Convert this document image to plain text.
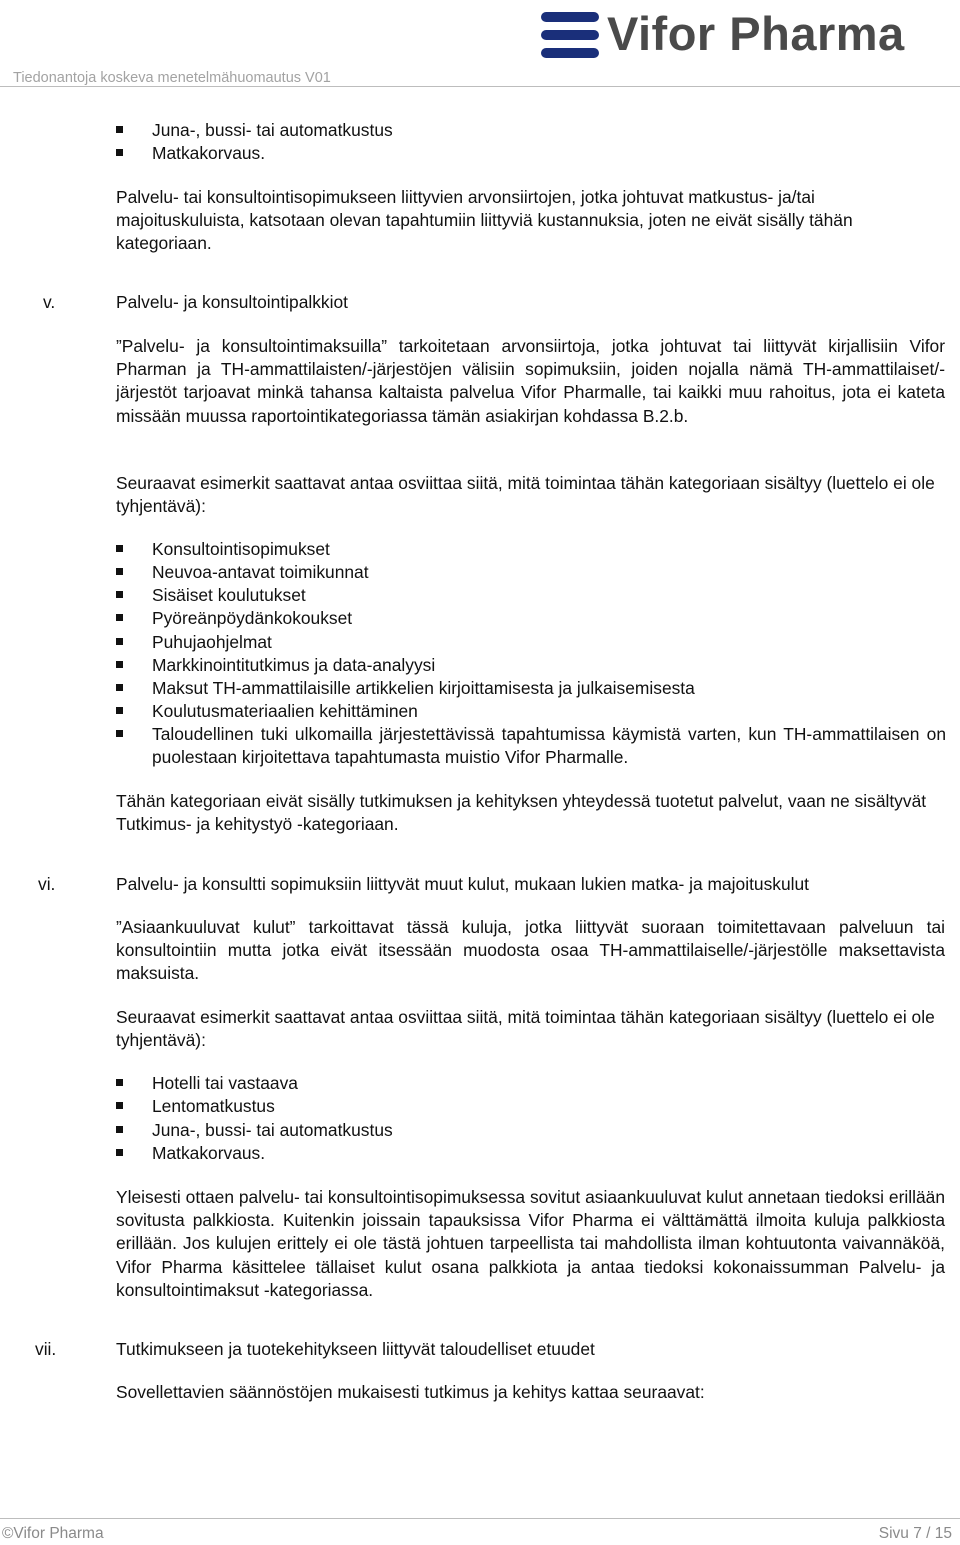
Tiedonantoja koskeva menetelmähuomautus V01
Vifor Pharma
Juna-, bussi- tai automatkustus
Matkakorvaus.
Palvelu- tai konsultointisopimukseen liittyvien arvonsiirtojen, jotka johtuvat matkustus- ja/tai majoituskuluista, katsotaan olevan tapahtumiin liittyviä kustannuksia, joten ne eivät sisälly tähän kategoriaan.
v.	Palvelu- ja konsultointipalkkiot
”Palvelu- ja konsultointimaksuilla” tarkoitetaan arvonsiirtoja, jotka johtuvat tai liittyvät kirjallisiin Vifor Pharman ja TH-ammattilaisten/-järjestöjen välisiin sopimuksiin, joiden nojalla nämä TH-ammattilaiset/-järjestöt tarjoavat minkä tahansa kaltaista palvelua Vifor Pharmalle, tai kaikki muu rahoitus, jota ei kateta missään muussa raportointikategoriassa tämän asiakirjan kohdassa B.2.b.
Seuraavat esimerkit saattavat antaa osviittaa siitä, mitä toimintaa tähän kategoriaan sisältyy (luettelo ei ole tyhjentävä):
Konsultointisopimukset
Neuvoa-antavat toimikunnat
Sisäiset koulutukset
Pyöreänpöydänkokoukset
Puhujaohjelmat
Markkinointitutkimus ja data-analyysi
Maksut TH-ammattilaisille artikkelien kirjoittamisesta ja julkaisemisesta
Koulutusmateriaalien kehittäminen
Taloudellinen tuki ulkomailla järjestettävissä tapahtumissa käymistä varten, kun TH-ammattilaisen on puolestaan kirjoitettava tapahtumasta muistio Vifor Pharmalle.
Tähän kategoriaan eivät sisälly tutkimuksen ja kehityksen yhteydessä tuotetut palvelut, vaan ne sisältyvät Tutkimus- ja kehitystyö -kategoriaan.
vi.	Palvelu- ja konsultti sopimuksiin liittyvät muut kulut, mukaan lukien matka- ja majoituskulut
”Asiaankuuluvat kulut” tarkoittavat tässä kuluja, jotka liittyvät suoraan toimitettavaan palveluun tai konsultointiin mutta jotka eivät itsessään muodosta osaa TH-ammattilaiselle/-järjestölle maksettavista maksuista.
Seuraavat esimerkit saattavat antaa osviittaa siitä, mitä toimintaa tähän kategoriaan sisältyy (luettelo ei ole tyhjentävä):
Hotelli tai vastaava
Lentomatkustus
Juna-, bussi- tai automatkustus
Matkakorvaus.
Yleisesti ottaen palvelu- tai konsultointisopimuksessa sovitut asiaankuuluvat kulut annetaan tiedoksi erillään sovitusta palkkiosta. Kuitenkin joissain tapauksissa Vifor Pharma ei välttämättä ilmoita kuluja palkkiosta erillään. Jos kulujen erittely ei ole tästä johtuen tarpeellista tai mahdollista ilman kohtuutonta vaivannäköä, Vifor Pharma käsittelee tällaiset kulut osana palkkiota ja antaa tiedoksi kokonaissumman Palvelu- ja konsultointimaksut -kategoriassa.
vii.	Tutkimukseen ja tuotekehitykseen liittyvät taloudelliset etuudet
Sovellettavien säännöstöjen mukaisesti tutkimus ja kehitys kattaa seuraavat:
©Vifor Pharma	Sivu 7 / 15
